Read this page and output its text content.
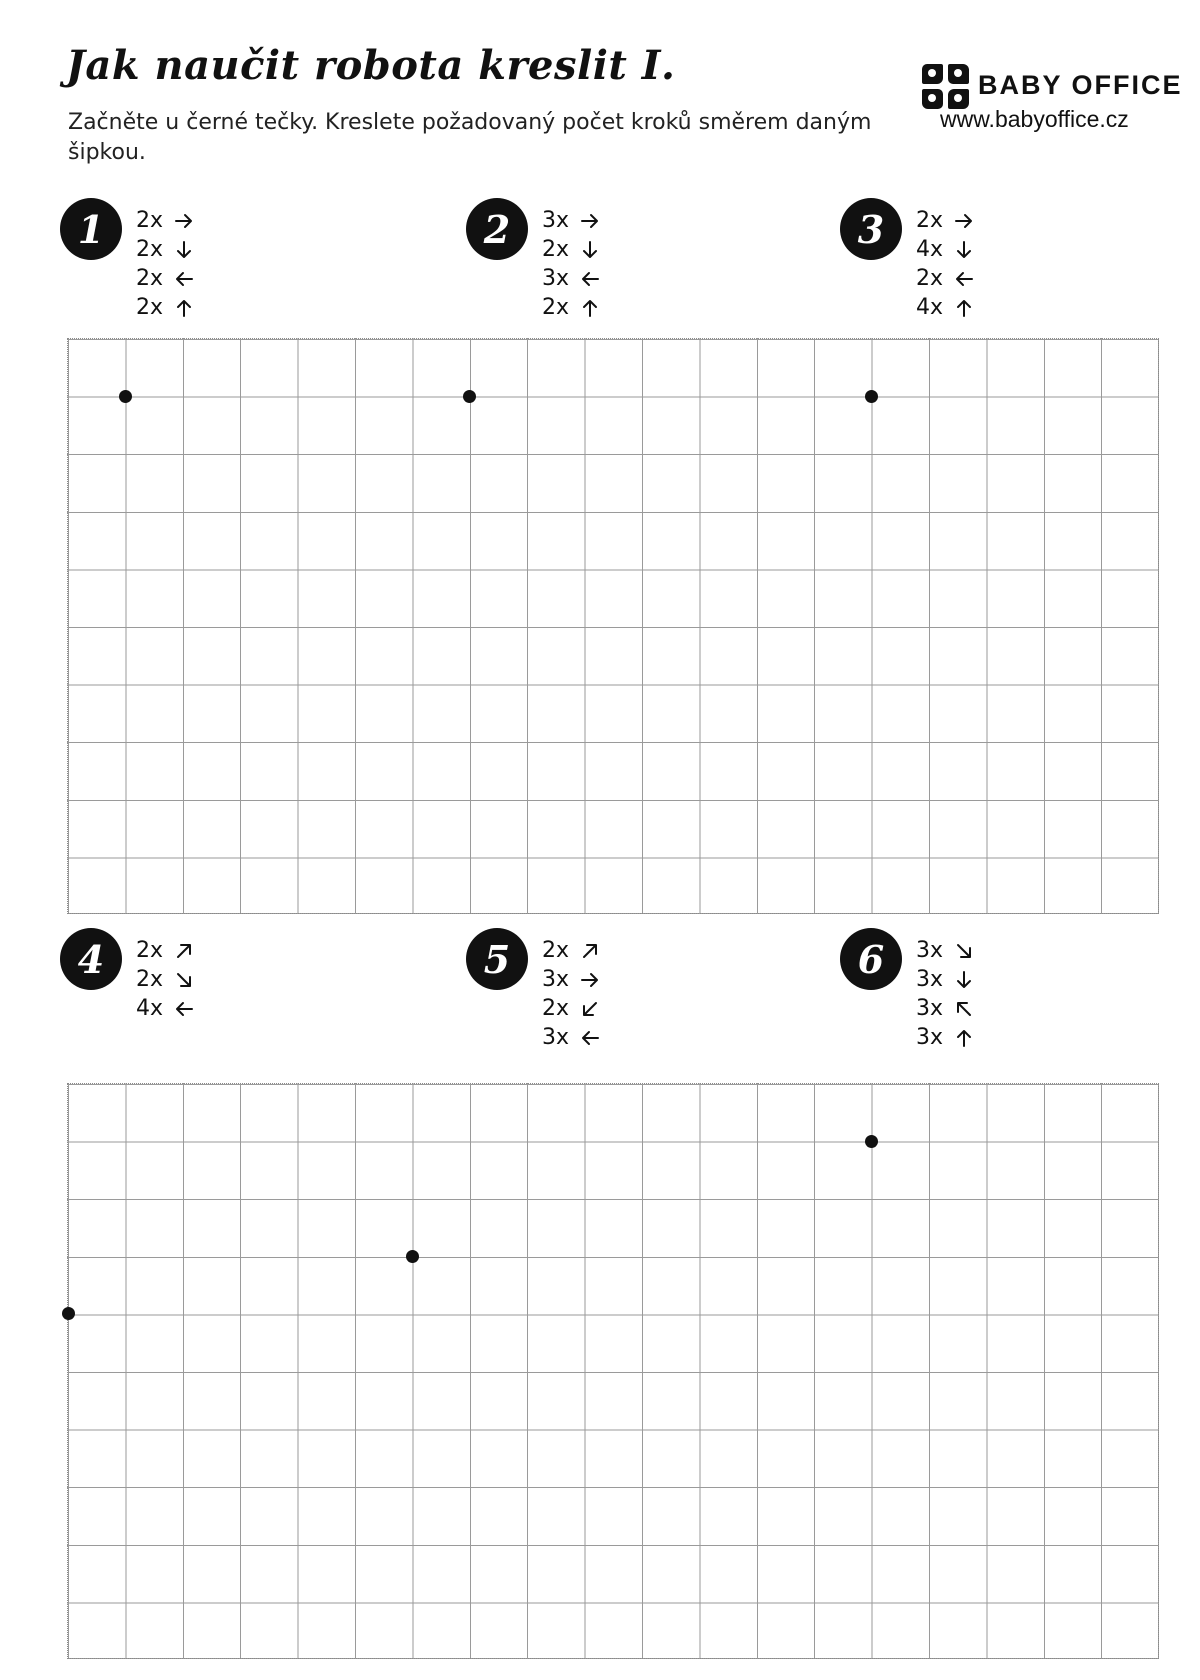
Jak naučit robota kreslit I.

Začněte u černé tečky. Kreslete požadovaný počet kroků směrem daným šipkou.

BABY OFFICE

www.babyoffice.cz

1	2x
2x
2x
2x
2	3x
2x
3x
2x
3	2x
4x
2x
4x
4	2x
2x
4x
5	2x
3x
2x
3x
6	3x
3x
3x
3x
